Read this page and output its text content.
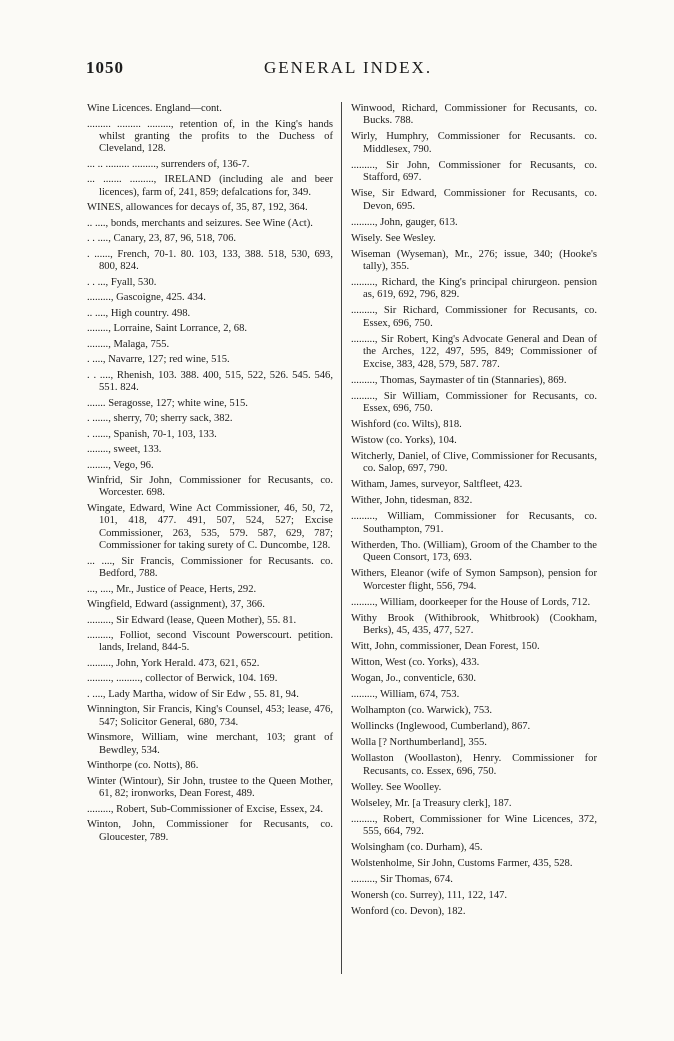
1050	GENERAL INDEX.

Wine Licences. England—cont.

......... ......... ........., retention of, in the King's hands whilst granting the profits to the Duchess of Cleveland, 128.

... .. ......... ........., surrenders of, 136-7.

... ....... ........., IRELAND (including ale and beer licences), farm of, 241, 859; defalcations for, 349.

WINES, allowances for decays of, 35, 87, 192, 364.

.. ...., bonds, merchants and seizures. See Wine (Act).

. . ...., Canary, 23, 87, 96, 518, 706.

. ......, French, 70-1. 80. 103, 133, 388. 518, 530, 693, 800, 824.

. . ..., Fyall, 530.

........., Gascoigne, 425. 434.

.. ...., High country. 498.

........, Lorraine, Saint Lorrance, 2, 68.

........, Malaga, 755.

. ...., Navarre, 127; red wine, 515.

. . ...., Rhenish, 103. 388. 400, 515, 522, 526. 545. 546, 551. 824.

....... Seragosse, 127; white wine, 515.

. ......, sherry, 70; sherry sack, 382.

. ......, Spanish, 70-1, 103, 133.

........, sweet, 133.

........, Vego, 96.

Winfrid, Sir John, Commissioner for Recusants, co. Worcester. 698.

Wingate, Edward, Wine Act Commissioner, 46, 50, 72, 101, 418, 477. 491, 507, 524, 527; Excise Commissioner, 263, 535, 579. 587, 629, 787; Commissioner for taking surety of C. Duncombe, 128.

... ...., Sir Francis, Commissioner for Recusants. co. Bedford, 788.

..., ...., Mr., Justice of Peace, Herts, 292.

Wingfield, Edward (assignment), 37, 366.

........., Sir Edward (lease, Queen Mother), 55. 81.

........., Folliot, second Viscount Powerscourt. petition. lands, Ireland, 844-5.

........., John, York Herald. 473, 621, 652.

........., ........., collector of Berwick, 104. 169.

. ...., Lady Martha, widow of Sir Edw , 55. 81, 94.

Winnington, Sir Francis, King's Counsel, 453; lease, 476, 547; Solicitor General, 680, 734.

Winsmore, William, wine merchant, 103; grant of Bewdley, 534.

Winthorpe (co. Notts), 86.

Winter (Wintour), Sir John, trustee to the Queen Mother, 61, 82; ironworks, Dean Forest, 489.

........., Robert, Sub-Commissioner of Excise, Essex, 24.

Winton, John, Commissioner for Recusants, co. Gloucester, 789.

Winwood, Richard, Commissioner for Recusants, co. Bucks. 788.

Wirly, Humphry, Commissioner for Recusants. co. Middlesex, 790.

........., Sir John, Commissioner for Recusants, co. Stafford, 697.

Wise, Sir Edward, Commissioner for Recusants, co. Devon, 695.

........., John, gauger, 613.

Wisely. See Wesley.

Wiseman (Wyseman), Mr., 276; issue, 340; (Hooke's tally), 355.

........., Richard, the King's principal chirurgeon. pension as, 619, 692, 796, 829.

........., Sir Richard, Commissioner for Recusants, co. Essex, 696, 750.

........., Sir Robert, King's Advocate General and Dean of the Arches, 122, 497, 595, 849; Commissioner of Excise, 383, 428, 579, 587. 787.

........., Thomas, Saymaster of tin (Stannaries), 869.

........., Sir William, Commissioner for Recusants, co. Essex, 696, 750.

Wishford (co. Wilts), 818.

Wistow (co. Yorks), 104.

Witcherly, Daniel, of Clive, Commissioner for Recusants, co. Salop, 697, 790.

Witham, James, surveyor, Saltfleet, 423.

Wither, John, tidesman, 832.

........., William, Commissioner for Recusants, co. Southampton, 791.

Witherden, Tho. (William), Groom of the Chamber to the Queen Consort, 173, 693.

Withers, Eleanor (wife of Symon Sampson), pension for Worcester flight, 556, 794.

........., William, doorkeeper for the House of Lords, 712.

Withy Brook (Withibrook, Whitbrook) (Cookham, Berks), 45, 435, 477, 527.

Witt, John, commissioner, Dean Forest, 150.

Witton, West (co. Yorks), 433.

Wogan, Jo., conventicle, 630.

........., William, 674, 753.

Wolhampton (co. Warwick), 753.

Wollincks (Inglewood, Cumberland), 867.

Wolla [? Northumberland], 355.

Wollaston (Woollaston), Henry. Commissioner for Recusants, co. Essex, 696, 750.

Wolley. See Woolley.

Wolseley, Mr. [a Treasury clerk], 187.

........., Robert, Commissioner for Wine Licences, 372, 555, 664, 792.

Wolsingham (co. Durham), 45.

Wolstenholme, Sir John, Customs Farmer, 435, 528.

........., Sir Thomas, 674.

Wonersh (co. Surrey), 111, 122, 147.

Wonford (co. Devon), 182.
